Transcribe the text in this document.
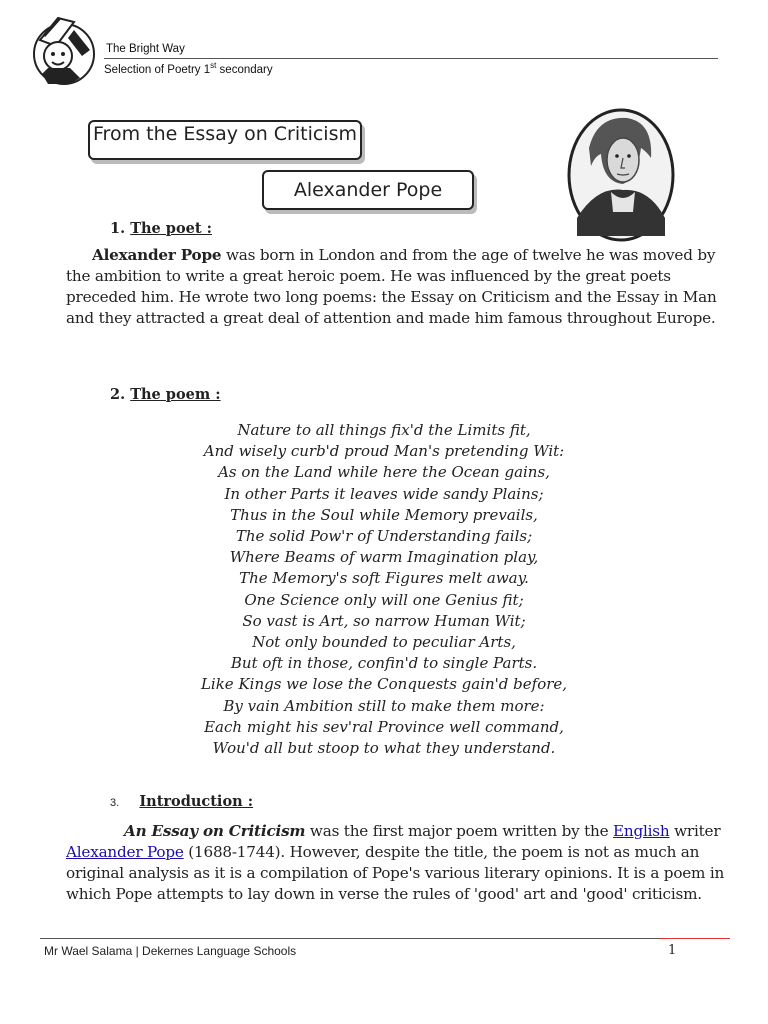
The Bright Way
Selection of Poetry 1st secondary
From the Essay on Criticism
Alexander Pope
1. The poet :

Alexander Pope was born in London and from the age of twelve he was moved by the ambition to write a great heroic poem. He was influenced by the great poets preceded him. He wrote two long poems: the Essay on Criticism and the Essay in Man and they attracted a great deal of attention and made him famous throughout Europe.

2. The poem :
Nature to all things fix'd the Limits fit,
And wisely curb'd proud Man's pretending Wit:
As on the Land while here the Ocean gains,
In other Parts it leaves wide sandy Plains;
Thus in the Soul while Memory prevails,
The solid Pow'r of Understanding fails;
Where Beams of warm Imagination play,
The Memory's soft Figures melt away.
One Science only will one Genius fit;
So vast is Art, so narrow Human Wit;
Not only bounded to peculiar Arts,
But oft in those, confin'd to single Parts.
Like Kings we lose the Conquests gain'd before,
By vain Ambition still to make them more:
Each might his sev'ral Province well command,
Wou'd all but stoop to what they understand.
3. Introduction :

An Essay on Criticism was the first major poem written by the English writer Alexander Pope (1688-1744). However, despite the title, the poem is not as much an original analysis as it is a compilation of Pope's various literary opinions. It is a poem in which Pope attempts to lay down in verse the rules of 'good' art and 'good' criticism.

Mr Wael Salama | Dekernes Language Schools	1
